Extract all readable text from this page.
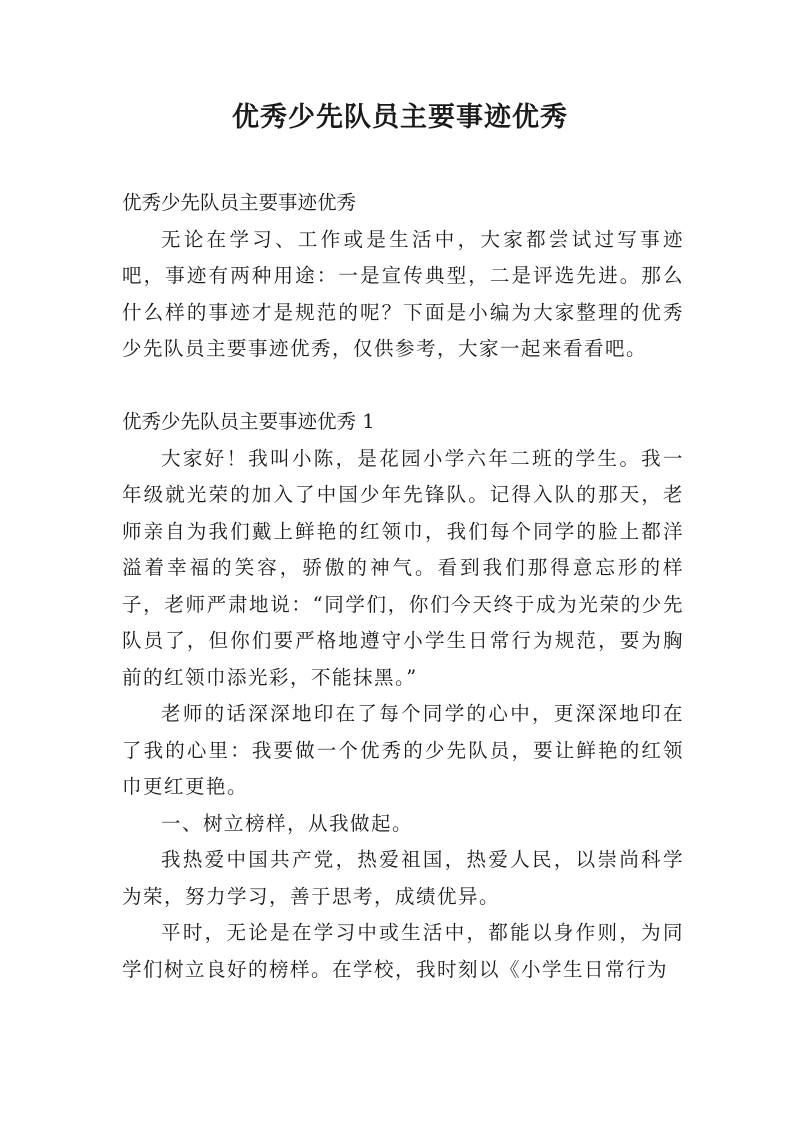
优秀少先队员主要事迹优秀

优秀少先队员主要事迹优秀

无论在学习、工作或是生活中，大家都尝试过写事迹吧，事迹有两种用途：一是宣传典型，二是评选先进。那么什么样的事迹才是规范的呢？下面是小编为大家整理的优秀少先队员主要事迹优秀，仅供参考，大家一起来看看吧。

优秀少先队员主要事迹优秀 1

大家好！我叫小陈，是花园小学六年二班的学生。我一年级就光荣的加入了中国少年先锋队。记得入队的那天，老师亲自为我们戴上鲜艳的红领巾，我们每个同学的脸上都洋溢着幸福的笑容，骄傲的神气。看到我们那得意忘形的样子，老师严肃地说：“同学们，你们今天终于成为光荣的少先队员了，但你们要严格地遵守小学生日常行为规范，要为胸前的红领巾添光彩，不能抹黑。”

老师的话深深地印在了每个同学的心中，更深深地印在了我的心里：我要做一个优秀的少先队员，要让鲜艳的红领巾更红更艳。

一、树立榜样，从我做起。

我热爱中国共产党，热爱祖国，热爱人民，以崇尚科学为荣，努力学习，善于思考，成绩优异。

平时，无论是在学习中或生活中，都能以身作则，为同学们树立良好的榜样。在学校，我时刻以《小学生日常行为
